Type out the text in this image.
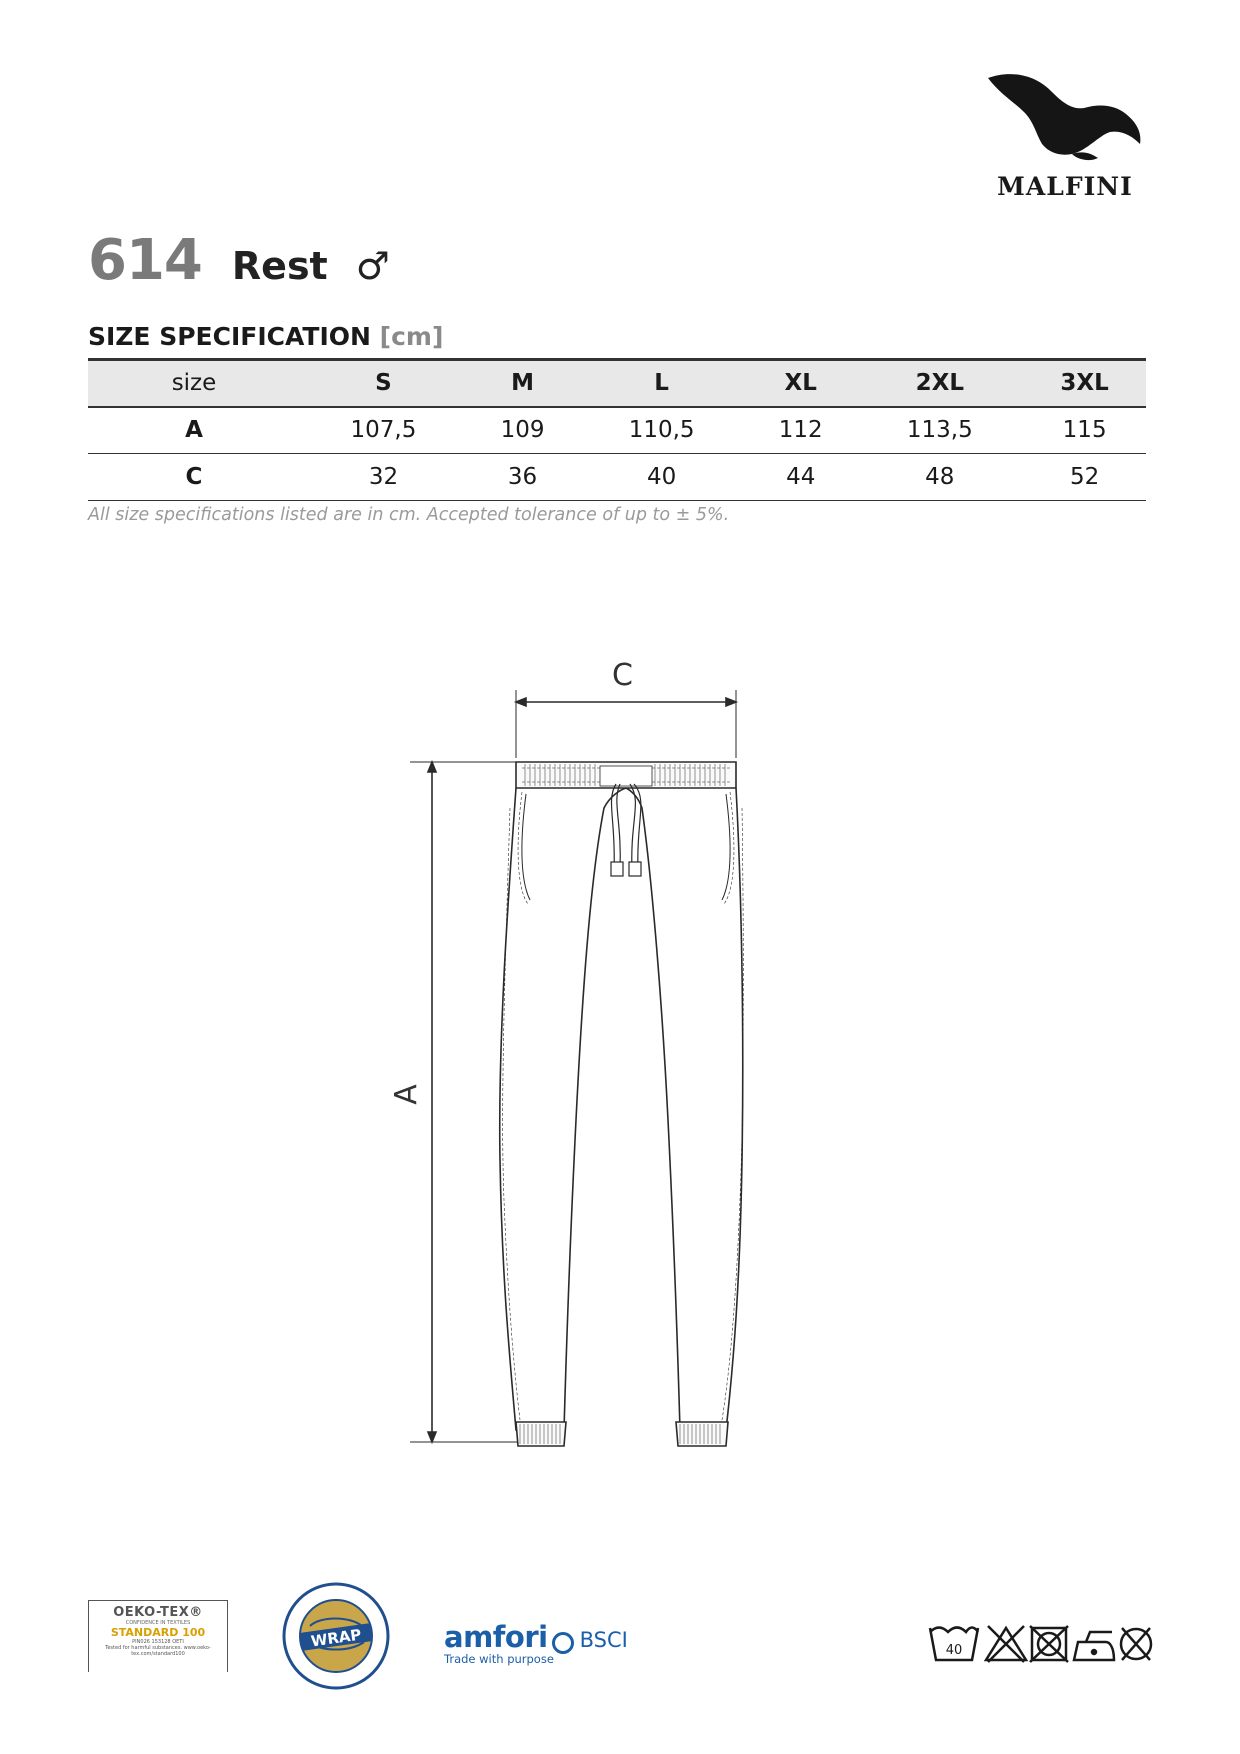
MALFINI
614 Rest ♂
SIZE SPECIFICATION [cm]
size	S	M	L	XL	2XL	3XL
A	107,5	109	110,5	112	113,5	115
C	32	36	40	44	48	52
All size specifications listed are in cm. Accepted tolerance of up to ± 5%.
C
A
OEKO-TEX®
CONFIDENCE IN TEXTILES
STANDARD 100
PIN026 153128 OETI
Tested for harmful substances. www.oeko-tex.com/standard100
WRAP	amfori BSCI
Trade with purpose
40
